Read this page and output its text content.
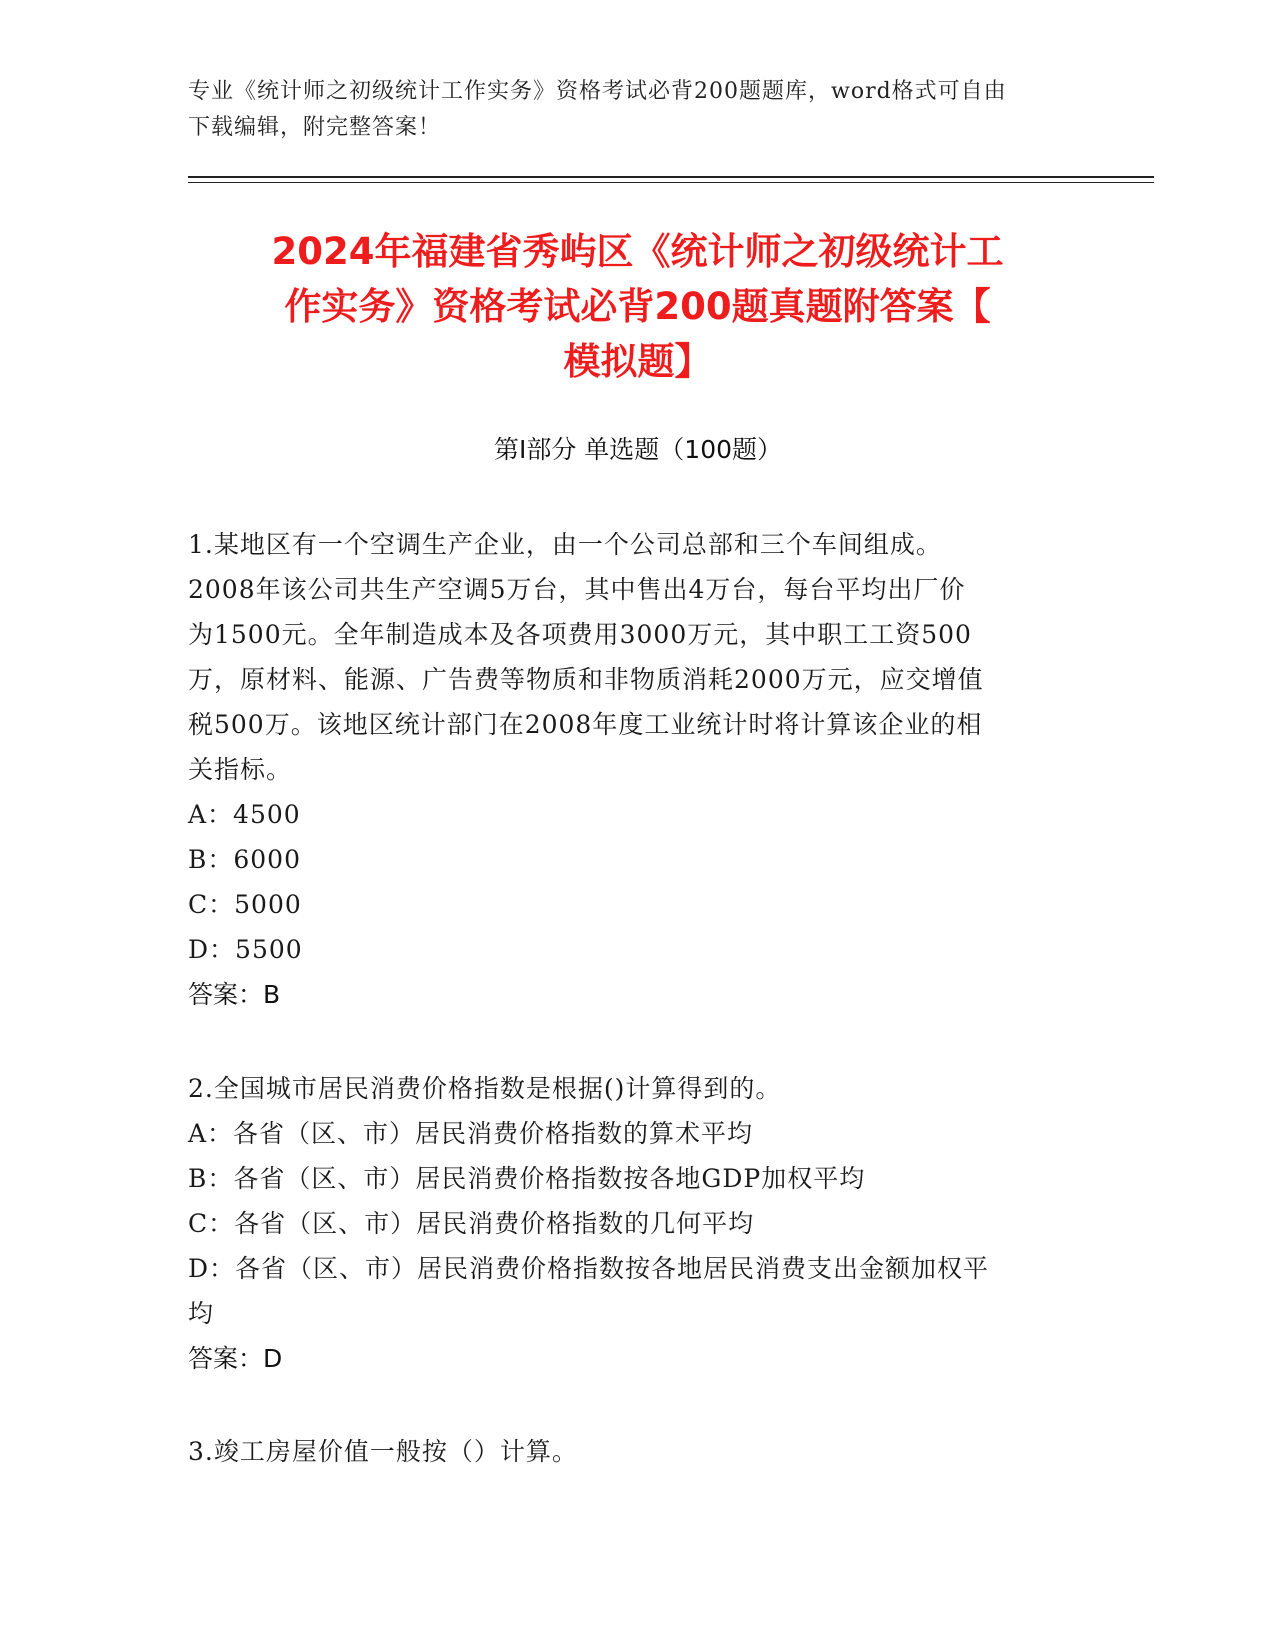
专业《统计师之初级统计工作实务》资格考试必背200题题库，word格式可自由
下载编辑，附完整答案！
2024年福建省秀屿区《统计师之初级统计工
作实务》资格考试必背200题真题附答案【
模拟题】
第I部分 单选题（100题）
1.某地区有一个空调生产企业，由一个公司总部和三个车间组成。
2008年该公司共生产空调5万台，其中售出4万台，每台平均出厂价
为1500元。全年制造成本及各项费用3000万元，其中职工工资500
万，原材料、能源、广告费等物质和非物质消耗2000万元，应交增值
税500万。该地区统计部门在2008年度工业统计时将计算该企业的相
关指标。
A：4500
B：6000
C：5000
D：5500
答案：B
2.全国城市居民消费价格指数是根据()计算得到的。
A：各省（区、市）居民消费价格指数的算术平均
B：各省（区、市）居民消费价格指数按各地GDP加权平均
C：各省（区、市）居民消费价格指数的几何平均
D：各省（区、市）居民消费价格指数按各地居民消费支出金额加权平
均
答案：D
3.竣工房屋价值一般按（）计算。
